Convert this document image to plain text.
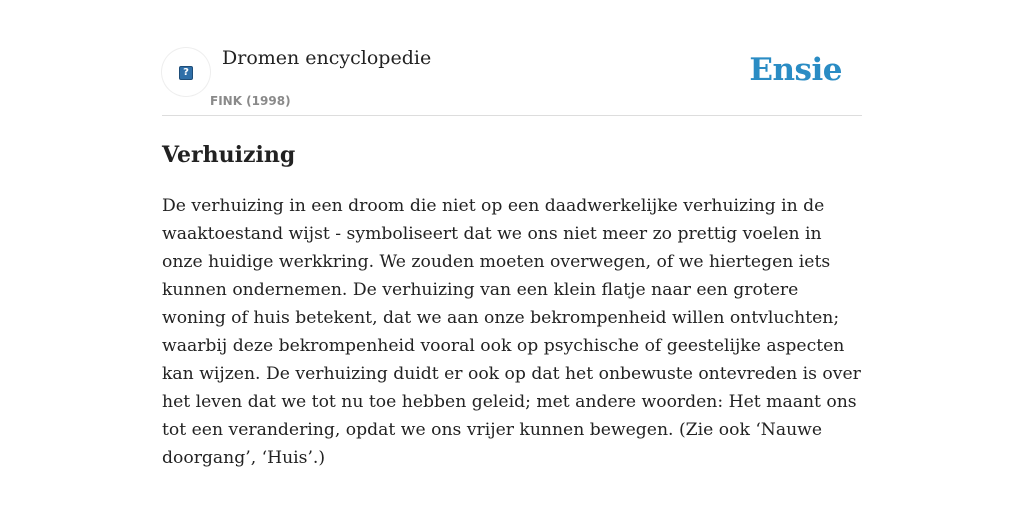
?
Dromen encyclopedie
FINK (1998)
Ensie
Verhuizing

De verhuizing in een droom die niet op een daadwerkelijke verhuizing in de waaktoestand wijst - symboliseert dat we ons niet meer zo prettig voelen in onze huidige werkkring. We zouden moeten overwegen, of we hiertegen iets kunnen ondernemen. De verhuizing van een klein flatje naar een grotere woning of huis betekent, dat we aan onze bekrompenheid willen ontvluchten; waarbij deze bekrompenheid vooral ook op psychische of geestelijke aspecten kan wijzen. De verhuizing duidt er ook op dat het onbewuste ontevreden is over het leven dat we tot nu toe hebben geleid; met andere woorden: Het maant ons tot een verandering, opdat we ons vrijer kunnen bewegen. (Zie ook ‘Nauwe doorgang’, ‘Huis’.)
